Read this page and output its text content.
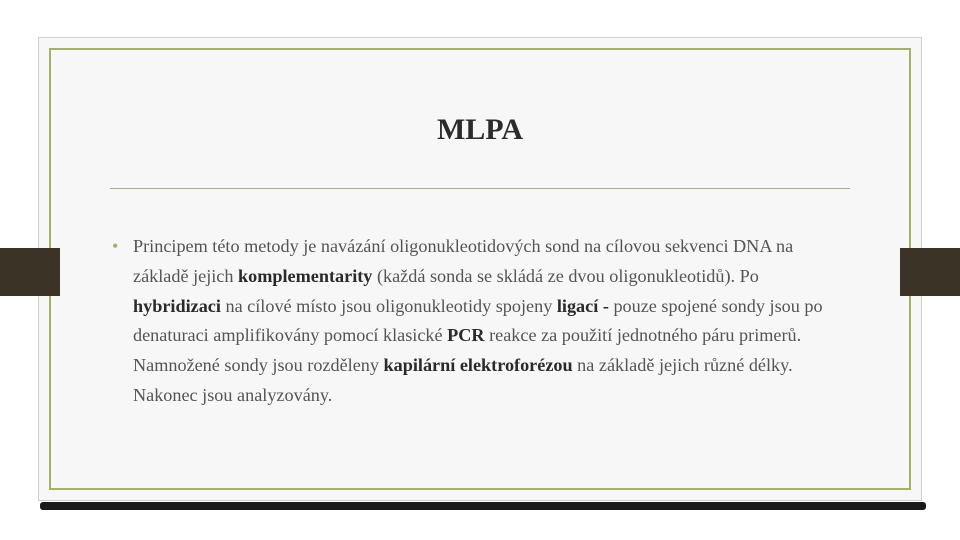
MLPA
• Principem této metody je navázání oligonukleotidových sond na cílovou sekvenci DNA na základě jejich komplementarity (každá sonda se skládá ze dvou oligonukleotidů). Po hybridizaci na cílové místo jsou oligonukleotidy spojeny ligací - pouze spojené sondy jsou po denaturaci amplifikovány pomocí klasické PCR reakce za použití jednotného páru primerů. Namnožené sondy jsou rozděleny kapilární elektroforézou na základě jejich různé délky. Nakonec jsou analyzovány.
